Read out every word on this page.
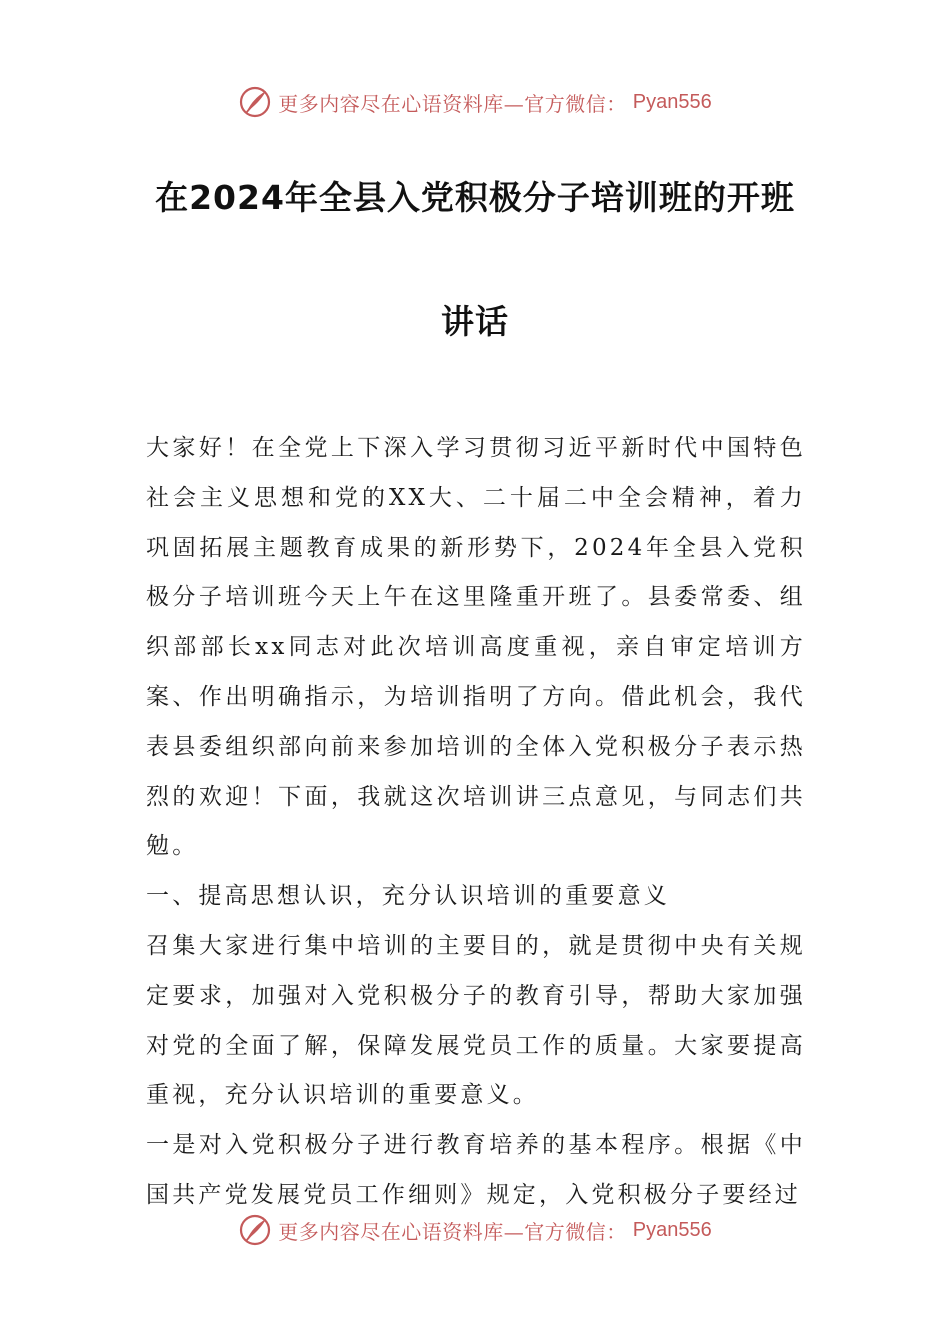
更多内容尽在心语资料库—官方微信： Pyan556
在2024年全县入党积极分子培训班的开班
讲话

大家好！在全党上下深入学习贯彻习近平新时代中国特色社会主义思想和党的XX大、二十届二中全会精神，着力巩固拓展主题教育成果的新形势下，2024年全县入党积极分子培训班今天上午在这里隆重开班了。县委常委、组织部部长xx同志对此次培训高度重视，亲自审定培训方案、作出明确指示，为培训指明了方向。借此机会，我代表县委组织部向前来参加培训的全体入党积极分子表示热烈的欢迎！下面，我就这次培训讲三点意见，与同志们共勉。

一、提高思想认识，充分认识培训的重要意义

召集大家进行集中培训的主要目的，就是贯彻中央有关规定要求，加强对入党积极分子的教育引导，帮助大家加强对党的全面了解，保障发展党员工作的质量。大家要提高重视，充分认识培训的重要意义。

一是对入党积极分子进行教育培养的基本程序。根据《中国共产党发展党员工作细则》规定，入党积极分子要经过

更多内容尽在心语资料库—官方微信： Pyan556
